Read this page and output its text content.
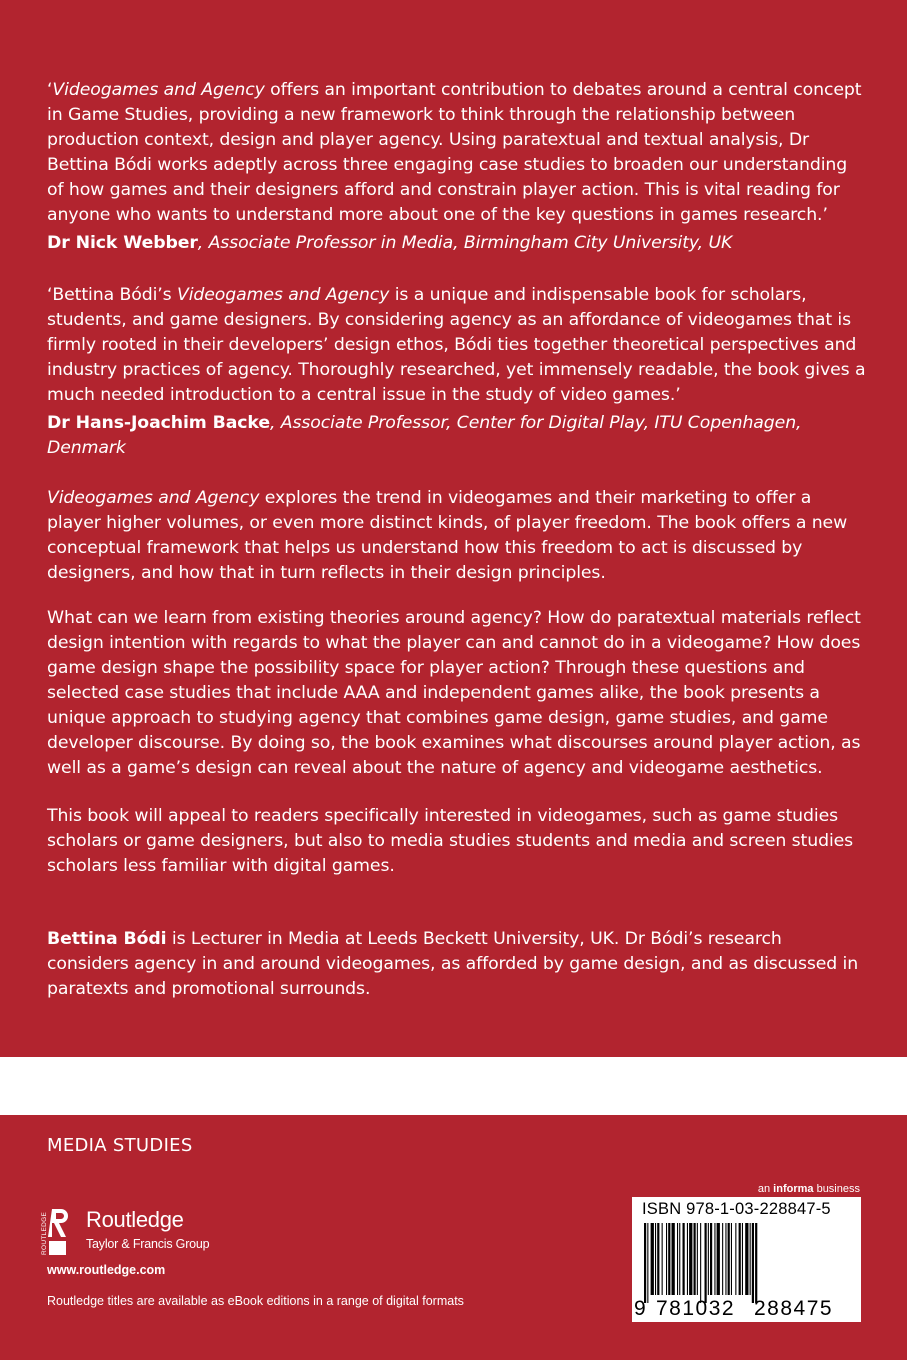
‘Videogames and Agency offers an important contribution to debates around a central concept in Game Studies, providing a new framework to think through the relationship between production context, design and player agency. Using paratextual and textual analysis, Dr Bettina Bódi works adeptly across three engaging case studies to broaden our understanding of how games and their designers afford and constrain player action. This is vital reading for anyone who wants to understand more about one of the key questions in games research.’

Dr Nick Webber, Associate Professor in Media, Birmingham City University, UK

‘Bettina Bódi’s Videogames and Agency is a unique and indispensable book for scholars, students, and game designers. By considering agency as an affordance of videogames that is firmly rooted in their developers’ design ethos, Bódi ties together theoretical perspectives and industry practices of agency. Thoroughly researched, yet immensely readable, the book gives a much needed introduction to a central issue in the study of video games.’

Dr Hans-Joachim Backe, Associate Professor, Center for Digital Play, ITU Copenhagen, Denmark

Videogames and Agency explores the trend in videogames and their marketing to offer a player higher volumes, or even more distinct kinds, of player freedom. The book offers a new conceptual framework that helps us understand how this freedom to act is discussed by designers, and how that in turn reflects in their design principles.

What can we learn from existing theories around agency? How do paratextual materials reflect design intention with regards to what the player can and cannot do in a videogame? How does game design shape the possibility space for player action? Through these questions and selected case studies that include AAA and independent games alike, the book presents a unique approach to studying agency that combines game design, game studies, and game developer discourse. By doing so, the book examines what discourses around player action, as well as a game’s design can reveal about the nature of agency and videogame aesthetics.

This book will appeal to readers specifically interested in videogames, such as game studies scholars or game designers, but also to media studies students and media and screen studies scholars less familiar with digital games.

Bettina Bódi is Lecturer in Media at Leeds Beckett University, UK. Dr Bódi’s research considers agency in and around videogames, as afforded by game design, and as discussed in paratexts and promotional surrounds.

MEDIA STUDIES
ROUTLEDGE Routledge
Taylor & Francis Group
www.routledge.com
Routledge titles are available as eBook editions in a range of digital formats
an informa business
ISBN 978-1-03-228847-5
9 781032 288475
